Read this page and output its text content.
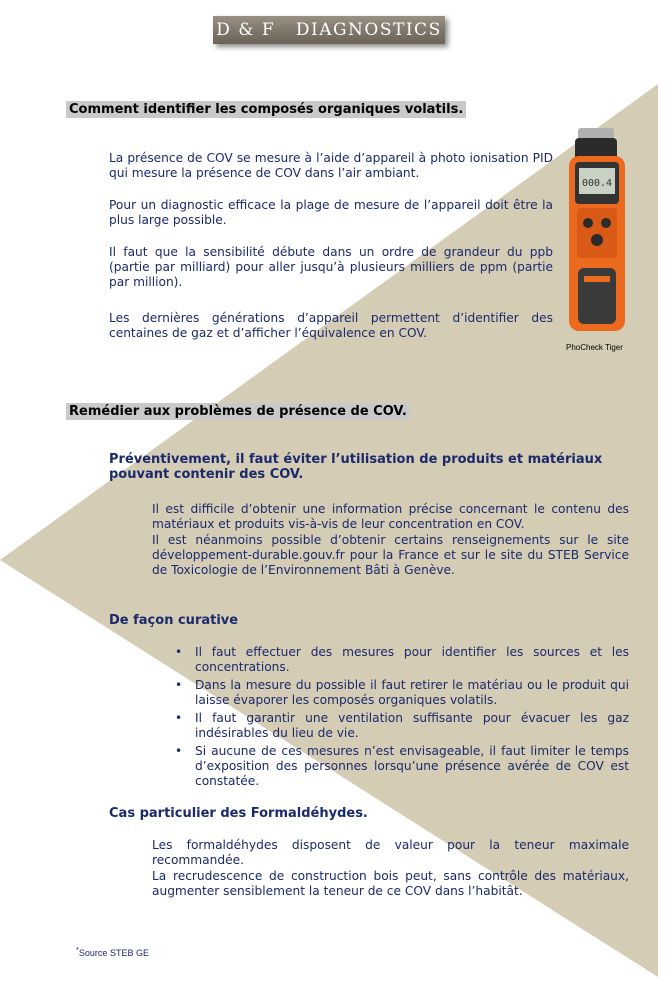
D & F   DIAGNOSTICS
Comment identifier les composés organiques volatils.

La présence de COV se mesure à l’aide d’appareil à photo ionisation PID qui mesure la présence de COV dans l’air ambiant.

Pour un diagnostic efficace la plage de mesure de l’appareil doit être la plus large possible.

Il faut que la sensibilité débute dans un ordre de grandeur du ppb (partie par milliard) pour aller jusqu’à plusieurs milliers de ppm (partie par million).

Les dernières générations d’appareil permettent d’identifier des centaines de gaz et d’afficher l’équivalence en COV.

000.4
PhoCheck Tiger
Remédier aux problèmes de présence de COV.

Préventivement, il faut éviter l’utilisation de produits et matériaux pouvant contenir des COV.

Il est difficile d’obtenir une information précise concernant le contenu des matériaux et produits vis-à-vis de leur concentration en COV.

Il est néanmoins possible d’obtenir certains renseignements sur le site développement-durable.gouv.fr pour la France et sur le site du STEB Service de Toxicologie de l’Environnement Bâti à Genève.

De façon curative

• Il faut effectuer des mesures pour identifier les sources et les concentrations.
• Dans la mesure du possible il faut retirer le matériau ou le produit qui laisse évaporer les composés organiques volatils.
• Il faut garantir une ventilation suffisante pour évacuer les gaz indésirables du lieu de vie.
• Si aucune de ces mesures n’est envisageable, il faut limiter le temps d’exposition des personnes lorsqu’une présence avérée de COV est constatée.

Cas particulier des Formaldéhydes.

Les formaldéhydes disposent de valeur pour la teneur maximale recommandée.

La recrudescence de construction bois peut, sans contrôle des matériaux, augmenter sensiblement la teneur de ce COV dans l’habitât.

*Source STEB GE
